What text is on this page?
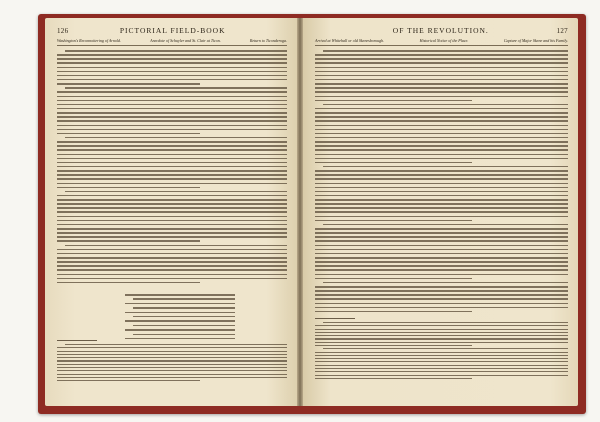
126	PICTORIAL FIELD-BOOK
Washington's Reconnoitering of Arnold.	Anecdote of Schuyler and St. Clair at Ticon.	Return to Ticonderoga.
OF THE REVOLUTION.	127
Arrival at Whitehall or old Skenesborough.	Historical Notice of the Place.	Capture of Major Skene and his Family.
